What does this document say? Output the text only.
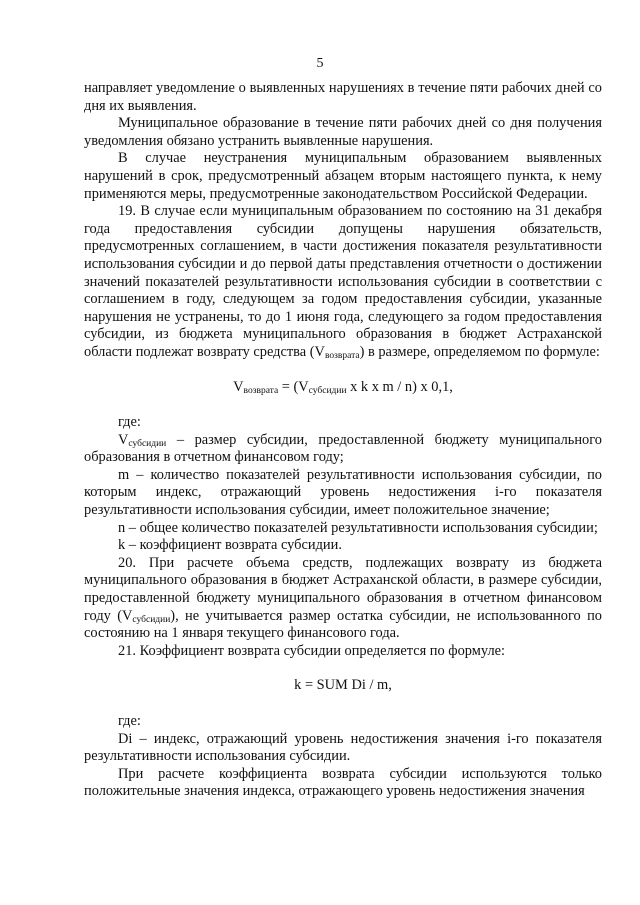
5

направляет уведомление о выявленных нарушениях в течение пяти рабочих дней со дня их выявления.

Муниципальное образование в течение пяти рабочих дней со дня получения уведомления обязано устранить выявленные нарушения.

В случае неустранения муниципальным образованием выявленных нарушений в срок, предусмотренный абзацем вторым настоящего пункта, к нему применяются меры, предусмотренные законодательством Российской Федерации.

19. В случае если муниципальным образованием по состоянию на 31 декабря года предоставления субсидии допущены нарушения обязательств, предусмотренных соглашением, в части достижения показателя результативности использования субсидии и до первой даты представления отчетности о достижении значений показателей результативности использования субсидии в соответствии с соглашением в году, следующем за годом предоставления субсидии, указанные нарушения не устранены, то до 1 июня года, следующего за годом предоставления субсидии, из бюджета муниципального образования в бюджет Астраханской области подлежат возврату средства $(V_{возврата})$ в размере, определяемом по формуле:

$V_{возврата} = (V_{субсидии}$ x k x m / n) x 0,1,

где:

$V_{субсидии}$ – размер субсидии, предоставленной бюджету муниципального образования в отчетном финансовом году;

m – количество показателей результативности использования субсидии, по которым индекс, отражающий уровень недостижения i-го показателя результативности использования субсидии, имеет положительное значение;

n – общее количество показателей результативности использования субсидии;

k – коэффициент возврата субсидии.

20. При расчете объема средств, подлежащих возврату из бюджета муниципального образования в бюджет Астраханской области, в размере субсидии, предоставленной бюджету муниципального образования в отчетном финансовом году $(V_{субсидии})$, не учитывается размер остатка субсидии, не использованного по состоянию на 1 января текущего финансового года.

21. Коэффициент возврата субсидии определяется по формуле:

k = SUM Di / m,

где:

Di – индекс, отражающий уровень недостижения значения i-го показателя результативности использования субсидии.

При расчете коэффициента возврата субсидии используются только положительные значения индекса, отражающего уровень недостижения значения
